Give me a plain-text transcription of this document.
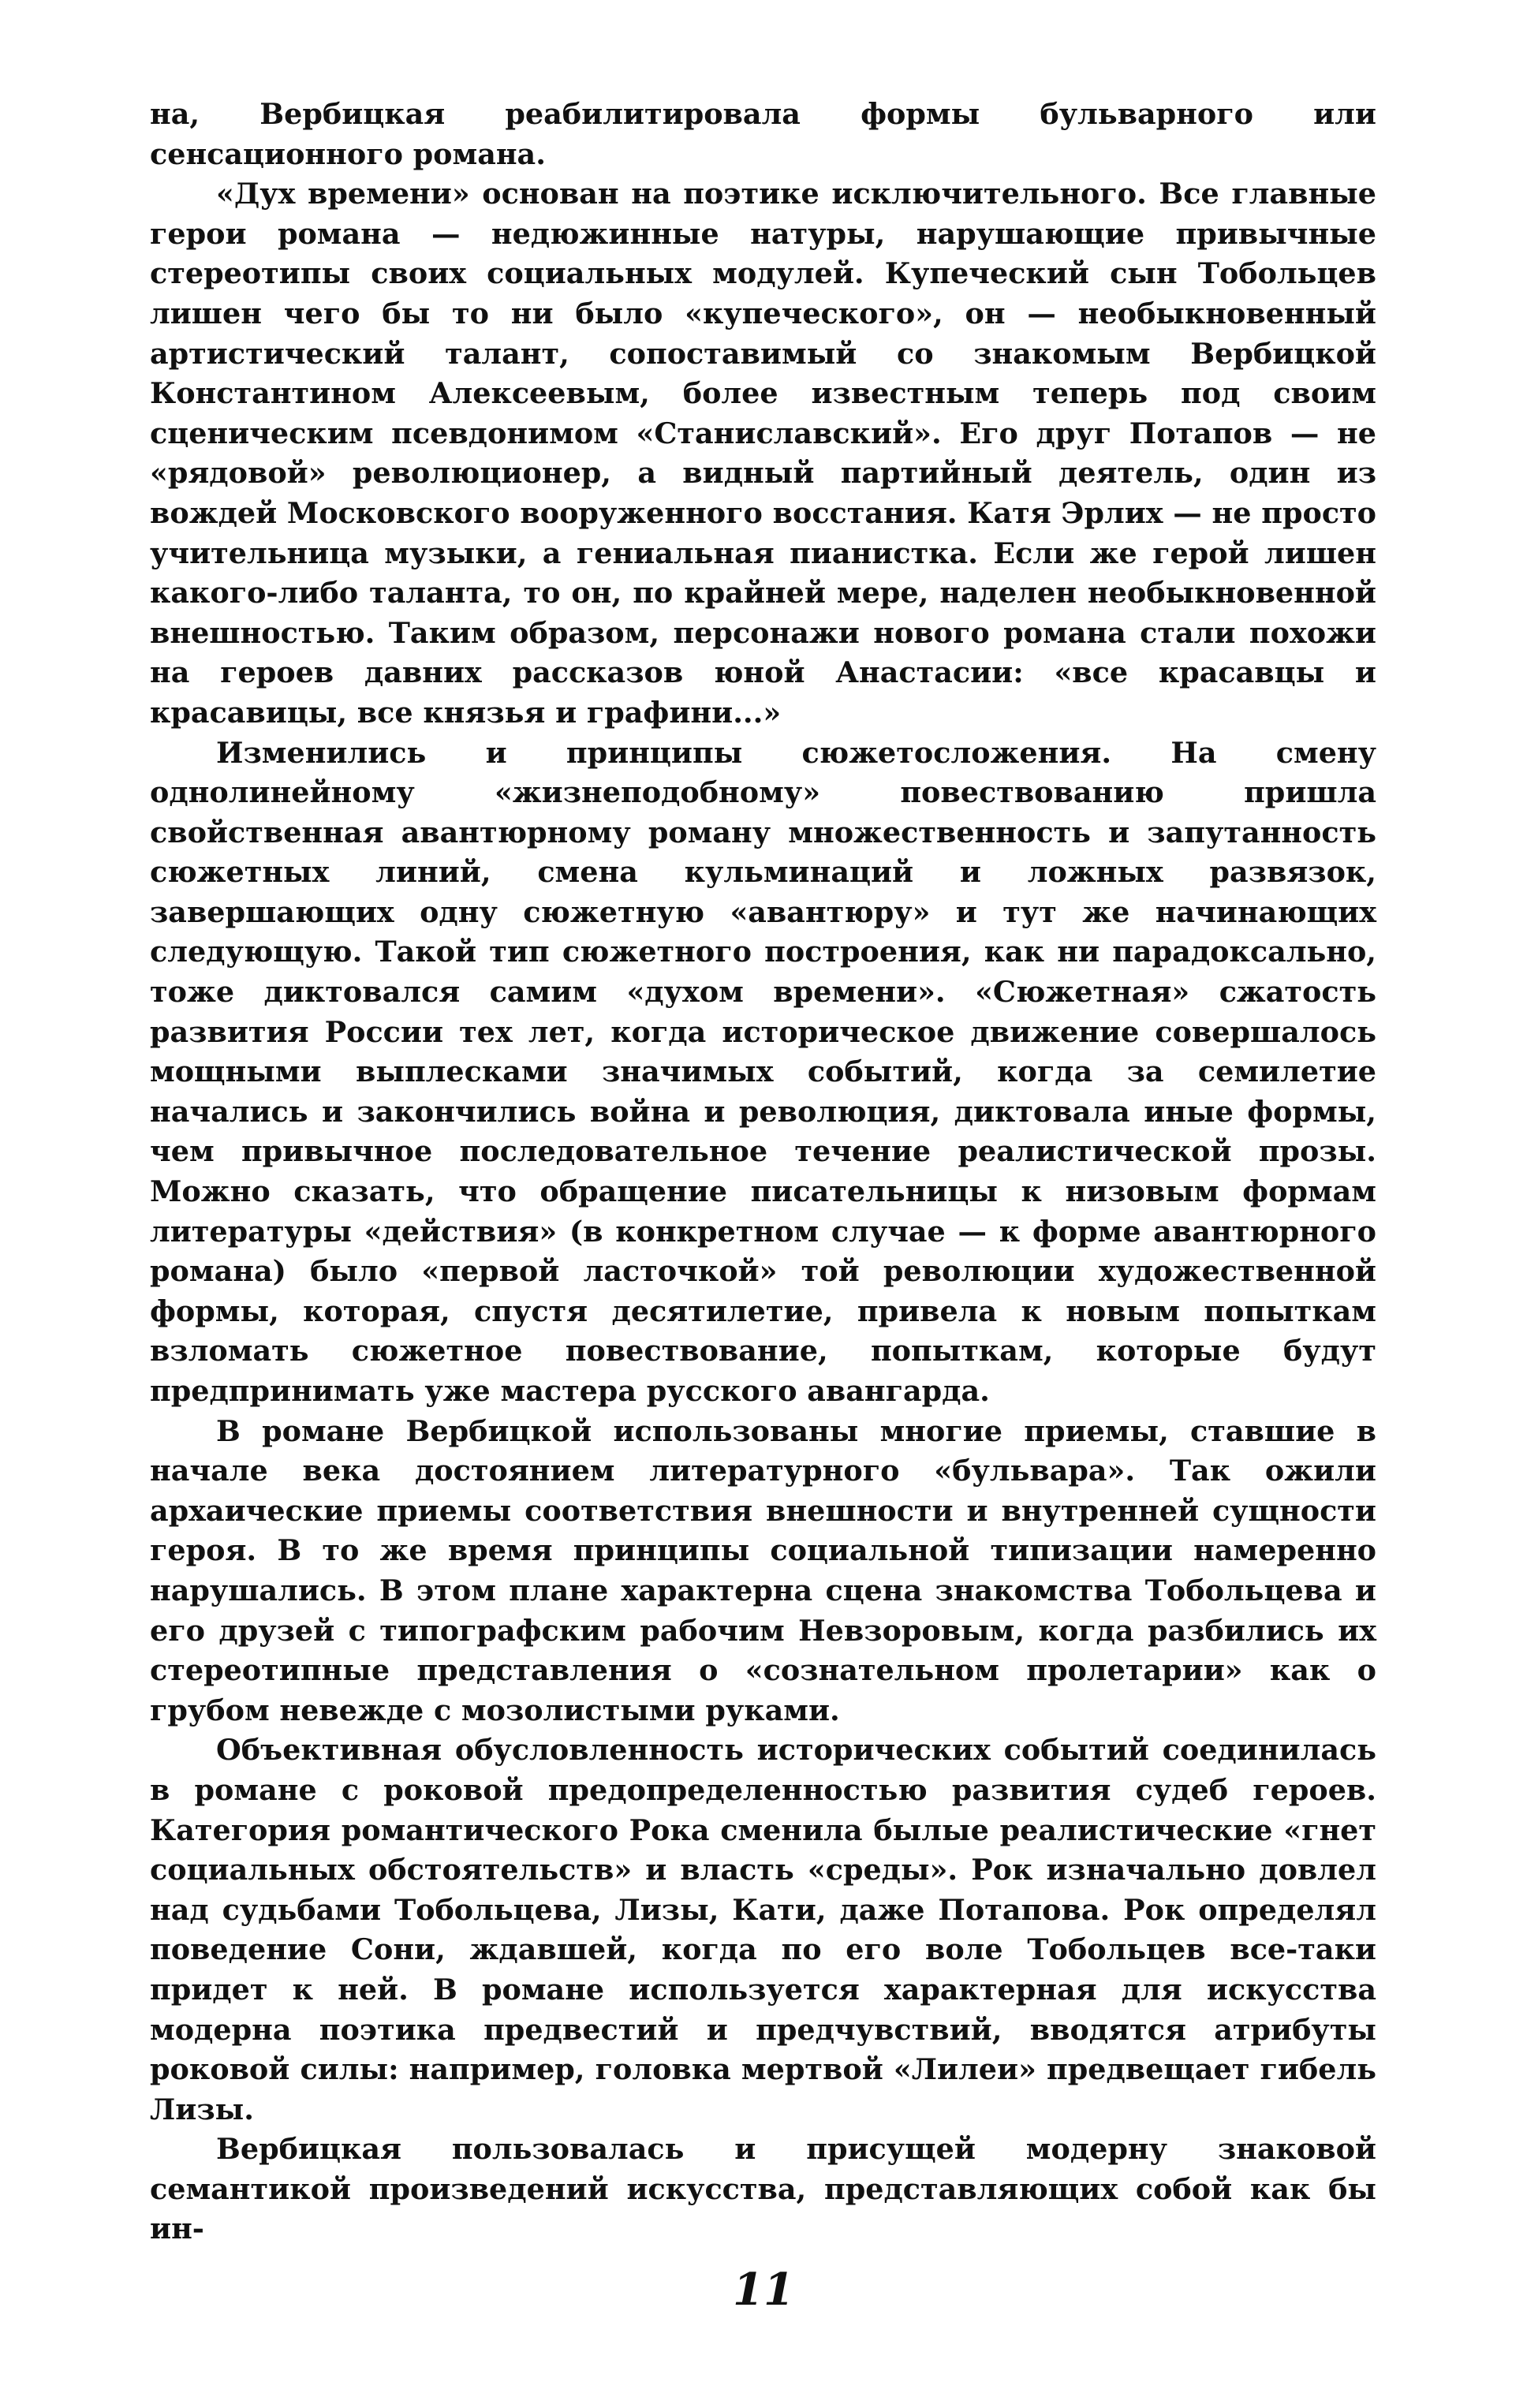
на, Вербицкая реабилитировала формы бульварного или сенсационного романа.

«Дух времени» основан на поэтике исключительного. Все главные герои романа — недюжинные натуры, нарушающие привычные стереотипы своих социальных модулей. Купеческий сын Тобольцев лишен чего бы то ни было «купеческого», он — необыкновенный артистический талант, сопоставимый со знакомым Вербицкой Константином Алексеевым, более известным теперь под своим сценическим псевдонимом «Станиславский». Его друг Потапов — не «рядовой» революционер, а видный партийный деятель, один из вождей Московского вооруженного восстания. Катя Эрлих — не просто учительница музыки, а гениальная пианистка. Если же герой лишен какого-либо таланта, то он, по крайней мере, наделен необыкновенной внешностью. Таким образом, персонажи нового романа стали похожи на героев давних рассказов юной Анастасии: «все красавцы и красавицы, все князья и графини...»

Изменились и принципы сюжетосложения. На смену однолинейному «жизнеподобному» повествованию пришла свойственная авантюрному роману множественность и запутанность сюжетных линий, смена кульминаций и ложных развязок, завершающих одну сюжетную «авантюру» и тут же начинающих следующую. Такой тип сюжетного построения, как ни парадоксально, тоже диктовался самим «духом времени». «Сюжетная» сжатость развития России тех лет, когда историческое движение совершалось мощными выплесками значимых событий, когда за семилетие начались и закончились война и революция, диктовала иные формы, чем привычное последовательное течение реалистической прозы. Можно сказать, что обращение писательницы к низовым формам литературы «действия» (в конкретном случае — к форме авантюрного романа) было «первой ласточкой» той революции художественной формы, которая, спустя десятилетие, привела к новым попыткам взломать сюжетное повествование, попыткам, которые будут предпринимать уже мастера русского авангарда.

В романе Вербицкой использованы многие приемы, ставшие в начале века достоянием литературного «бульвара». Так ожили архаические приемы соответствия внешности и внутренней сущности героя. В то же время принципы социальной типизации намеренно нарушались. В этом плане характерна сцена знакомства Тобольцева и его друзей с типографским рабочим Невзоровым, когда разбились их стереотипные представления о «сознательном пролетарии» как о грубом невежде с мозолистыми руками.

Объективная обусловленность исторических событий соединилась в романе с роковой предопределенностью развития судеб героев. Категория романтического Рока сменила былые реалистические «гнет социальных обстоятельств» и власть «среды». Рок изначально довлел над судьбами Тобольцева, Лизы, Кати, даже Потапова. Рок определял поведение Сони, ждавшей, когда по его воле Тобольцев все-таки придет к ней. В романе используется характерная для искусства модерна поэтика предвестий и предчувствий, вводятся атрибуты роковой силы: например, головка мертвой «Лилеи» предвещает гибель Лизы.

Вербицкая пользовалась и присущей модерну знаковой семантикой произведений искусства, представляющих собой как бы ин-

11
